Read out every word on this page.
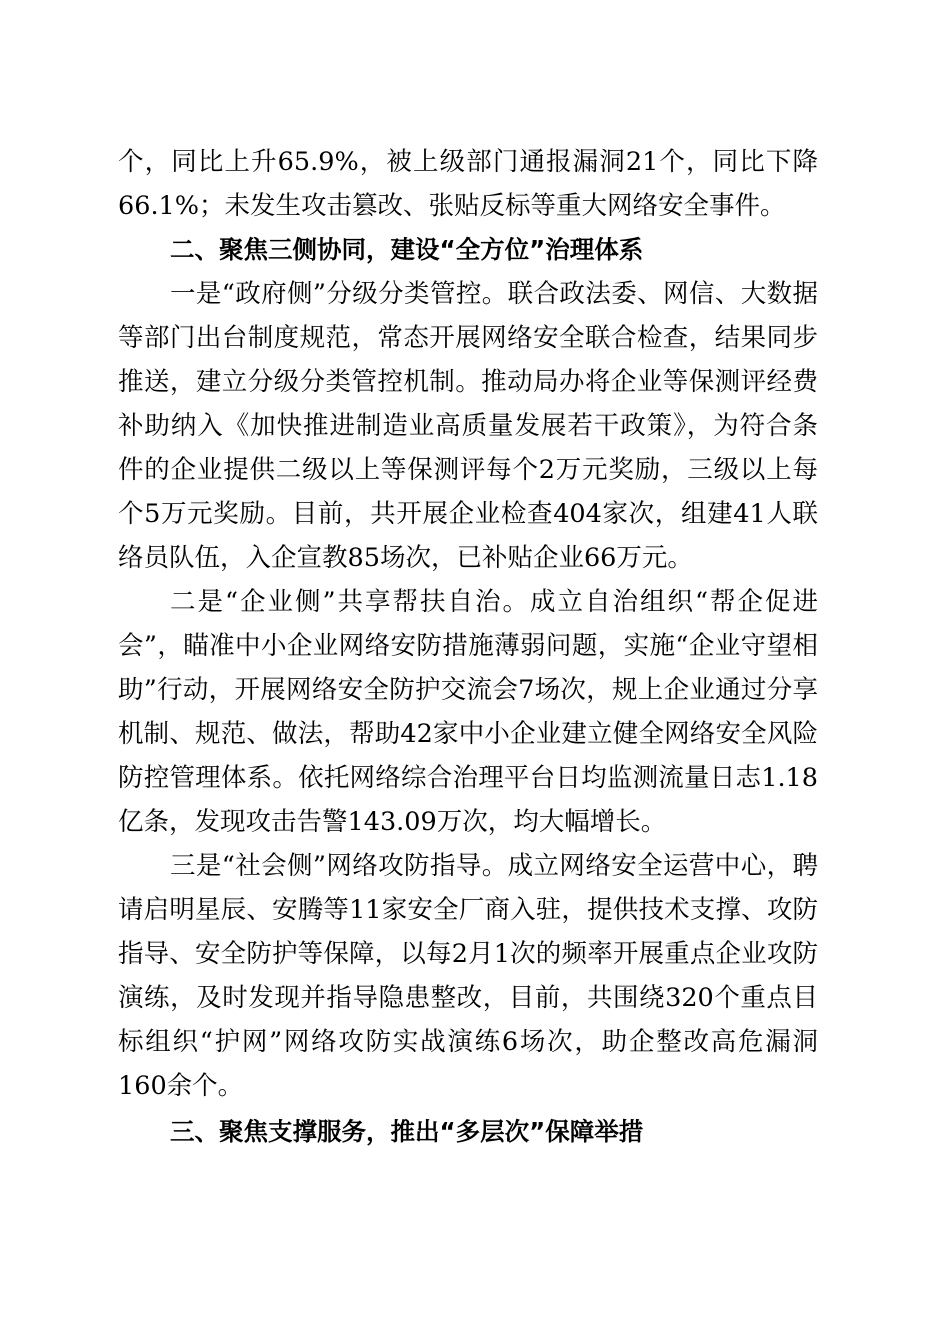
个，同比上升65.9%，被上级部门通报漏洞21个，同比下降66.1%；未发生攻击篡改、张贴反标等重大网络安全事件。

二、聚焦三侧协同，建设“全方位”治理体系

一是“政府侧”分级分类管控。联合政法委、网信、大数据等部门出台制度规范，常态开展网络安全联合检查，结果同步推送，建立分级分类管控机制。推动局办将企业等保测评经费补助纳入《加快推进制造业高质量发展若干政策》，为符合条件的企业提供二级以上等保测评每个2万元奖励，三级以上每个5万元奖励。目前，共开展企业检查404家次，组建41人联络员队伍，入企宣教85场次，已补贴企业66万元。

二是“企业侧”共享帮扶自治。成立自治组织“帮企促进会”，瞄准中小企业网络安防措施薄弱问题，实施“企业守望相助”行动，开展网络安全防护交流会7场次，规上企业通过分享机制、规范、做法，帮助42家中小企业建立健全网络安全风险防控管理体系。依托网络综合治理平台日均监测流量日志1.18亿条，发现攻击告警143.09万次，均大幅增长。

三是“社会侧”网络攻防指导。成立网络安全运营中心，聘请启明星辰、安腾等11家安全厂商入驻，提供技术支撑、攻防指导、安全防护等保障，以每2月1次的频率开展重点企业攻防演练，及时发现并指导隐患整改，目前，共围绕320个重点目标组织“护网”网络攻防实战演练6场次，助企整改高危漏洞160余个。

三、聚焦支撑服务，推出“多层次”保障举措
